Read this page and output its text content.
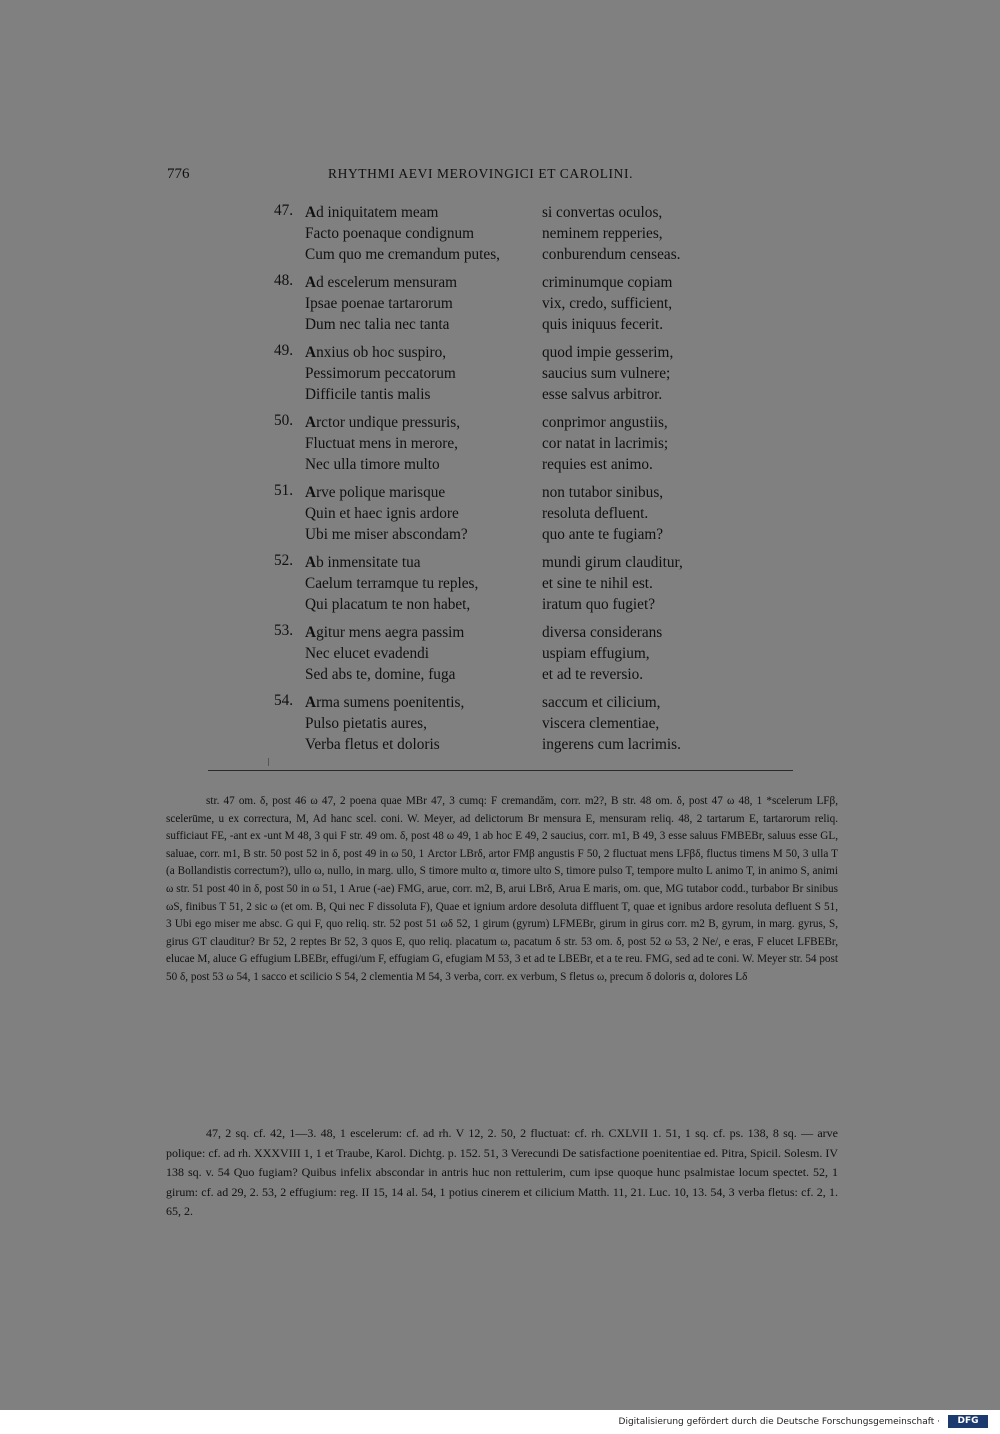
776	RHYTHMI AEVI MEROVINGICI ET CAROLINI.
47. Ad iniquitatem meam	si convertas oculos,
Facto poenaque condignum	neminem repperies,
Cum quo me cremandum putes,	conburendum censeas.
48. Ad escelerum mensuram	criminumque copiam
Ipsae poenae tartarorum	vix, credo, sufficient,
Dum nec talia nec tanta	quis iniquus fecerit.
49. Anxius ob hoc suspiro,	quod impie gesserim,
Pessimorum peccatorum	saucius sum vulnere;
Difficile tantis malis	esse salvus arbitror.
50. Arctor undique pressuris,	conprimor angustiis,
Fluctuat mens in merore,	cor natat in lacrimis;
Nec ulla timore multo	requies est animo.
51. Arve polique marisque	non tutabor sinibus,
Quin et haec ignis ardore	resoluta defluent.
Ubi me miser abscondam?	quo ante te fugiam?
52. Ab inmensitate tua	mundi girum clauditur,
Caelum terramque tu reples,	et sine te nihil est.
Qui placatum te non habet,	iratum quo fugiet?
53. Agitur mens aegra passim	diversa considerans
Nec elucet evadendi	uspiam effugium,
Sed abs te, domine, fuga	et ad te reversio.
54. Arma sumens poenitentis,	saccum et cilicium,
Pulso pietatis aures,	viscera clementiae,
Verba fletus et doloris	ingerens cum lacrimis.

str. 47 om. δ, post 46 ω 47, 2 poena quae MBr 47, 3 cumq: F cremandăm, corr. m2?, B str. 48 om. δ, post 47 ω 48, 1 *scelerum LFβ, scelerūme, u ex correctura, M, Ad hanc scel. coni. W. Meyer, ad delictorum Br mensura E, mensuram reliq. 48, 2 tartarum E, tartarorum reliq. sufficiaut FE, -ant ex -unt M 48, 3 qui F str. 49 om. δ, post 48 ω 49, 1 ab hoc E 49, 2 saucius, corr. m1, B 49, 3 esse saluus FMBEBr, saluus esse GL, saluae, corr. m1, B str. 50 post 52 in δ, post 49 in ω 50, 1 Arctor LBrδ, artor FMβ angustis F 50, 2 fluctuat mens LFβδ, fluctus timens M 50, 3 ulla T (a Bollandistis correctum?), ullo ω, nullo, in marg. ullo, S timore multo α, timore ulto S, timore pulso T, tempore multo L animo T, in animo S, animi ω str. 51 post 40 in δ, post 50 in ω 51, 1 Arue (-ae) FMG, arue, corr. m2, B, arui LBrδ, Arua E maris, om. que, MG tutabor codd., turbabor Br sinibus ωS, finibus T 51, 2 sic ω (et om. B, Qui nec F dissoluta F), Quae et ignium ardore desoluta diffluent T, quae et ignibus ardore resoluta defluent S 51, 3 Ubi ego miser me absc. G qui F, quo reliq. str. 52 post 51 ωδ 52, 1 girum (gyrum) LFMEBr, girum in girus corr. m2 B, gyrum, in marg. gyrus, S, girus GT clauditur? Br 52, 2 reptes Br 52, 3 quos E, quo reliq. placatum ω, pacatum δ str. 53 om. δ, post 52 ω 53, 2 Ne/, e eras, F elucet LFBEBr, elucae M, aluce G effugium LBEBr, effugi/um F, effugiam G, efugiam M 53, 3 et ad te LBEBr, et a te reu. FMG, sed ad te coni. W. Meyer str. 54 post 50 δ, post 53 ω 54, 1 sacco et scilicio S 54, 2 clementia M 54, 3 verba, corr. ex verbum, S fletus ω, precum δ doloris α, dolores Lδ

47, 2 sq. cf. 42, 1—3. 48, 1 escelerum: cf. ad rh. V 12, 2. 50, 2 fluctuat: cf. rh. CXLVII 1. 51, 1 sq. cf. ps. 138, 8 sq. — arve polique: cf. ad rh. XXXVIII 1, 1 et Traube, Karol. Dichtg. p. 152. 51, 3 Verecundi De satisfactione poenitentiae ed. Pitra, Spicil. Solesm. IV 138 sq. v. 54 Quo fugiam? Quibus infelix abscondar in antris huc non rettulerim, cum ipse quoque hunc psalmistae locum spectet. 52, 1 girum: cf. ad 29, 2. 53, 2 effugium: reg. II 15, 14 al. 54, 1 potius cinerem et cilicium Matth. 11, 21. Luc. 10, 13. 54, 3 verba fletus: cf. 2, 1. 65, 2.

Digitalisierung gefördert durch die Deutsche Forschungsgemeinschaft ·	DFG
